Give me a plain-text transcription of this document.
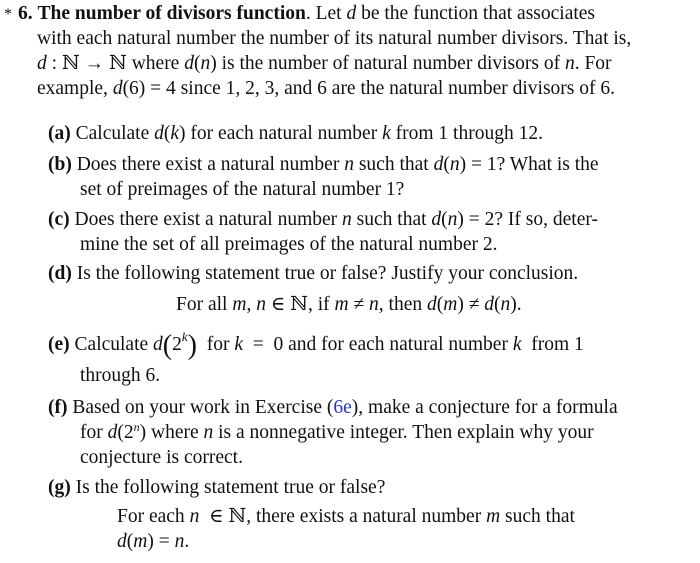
* 6. The number of divisors function. Let d be the function that associates
with each natural number the number of its natural number divisors. That is,
d : ℕ → ℕ where d(n) is the number of natural number divisors of n. For
example, d(6) = 4 since 1, 2, 3, and 6 are the natural number divisors of 6.
(a) Calculate d(k) for each natural number k from 1 through 12.
(b) Does there exist a natural number n such that d(n) = 1? What is the
set of preimages of the natural number 1?
(c) Does there exist a natural number n such that d(n) = 2? If so, deter-
mine the set of all preimages of the natural number 2.
(d) Is the following statement true or false? Justify your conclusion.
For all m, n ∈ ℕ, if m ≠ n, then d(m) ≠ d(n).
(e) Calculate d(2$^k$) for k = 0 and for each natural number k from 1
through 6.
(f) Based on your work in Exercise (6e), make a conjecture for a formula
for d(2$^n$) where n is a nonnegative integer. Then explain why your
conjecture is correct.
(g) Is the following statement true or false?
For each n ∈ ℕ, there exists a natural number m such that
d(m) = n.
